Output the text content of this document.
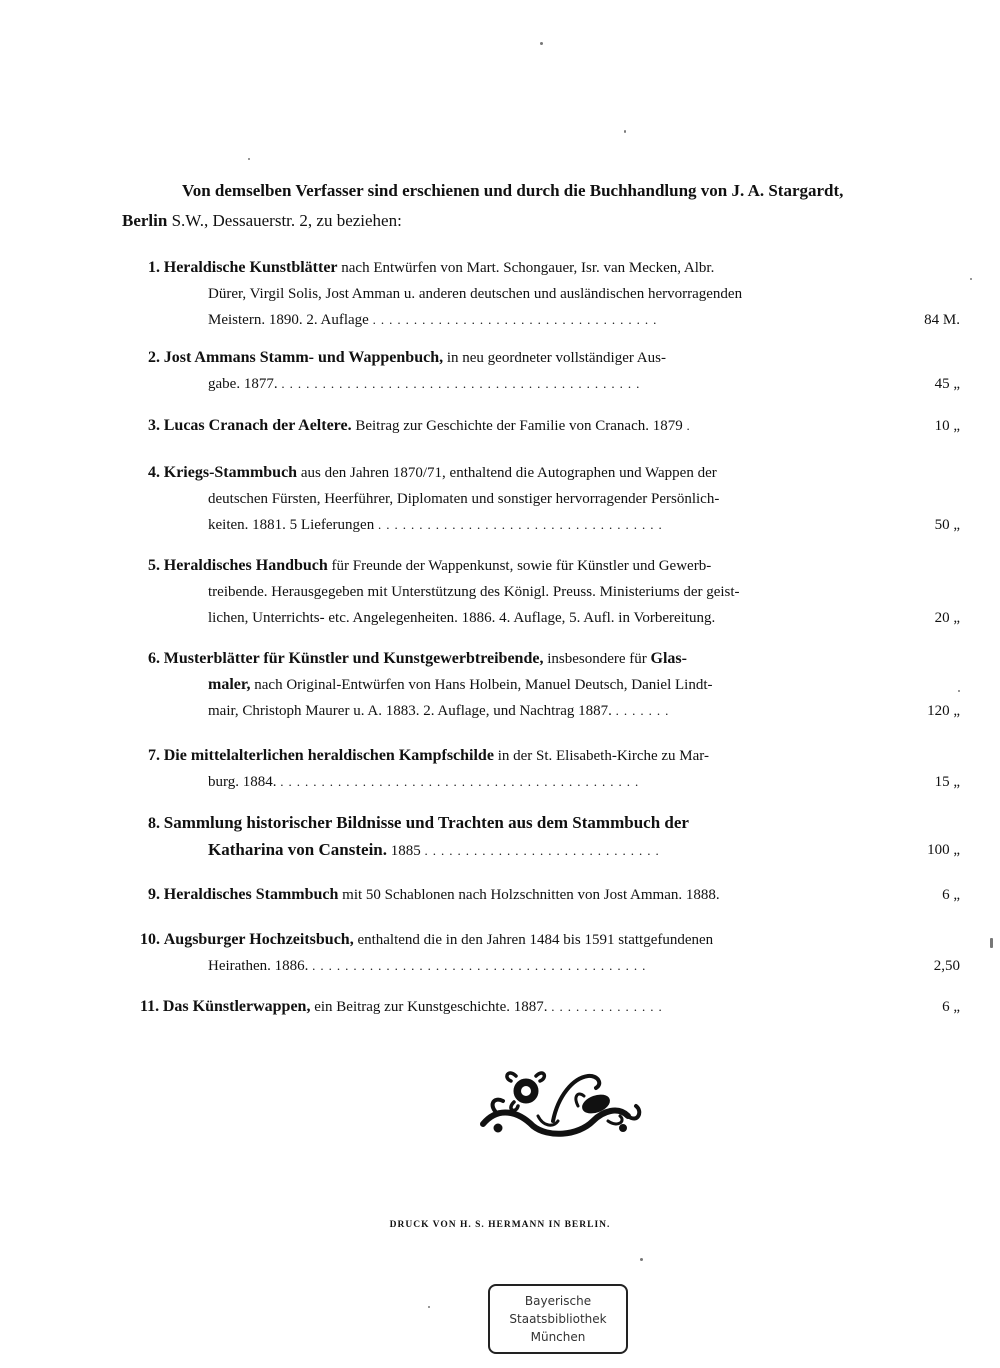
Von demselben Verfasser sind erschienen und durch die Buchhandlung von J. A. Stargardt,
Berlin S.W., Dessauerstr. 2, zu beziehen:
1. Heraldische Kunstblätter nach Entwürfen von Mart. Schongauer, Isr. van Mecken, Albr.
Dürer, Virgil Solis, Jost Amman u. anderen deutschen und ausländischen hervorragenden
Meistern. 1890. 2. Auflage ...................................	84 M.
2. Jost Ammans Stamm- und Wappenbuch, in neu geordneter vollständiger Aus-
gabe. 1877. ............................................	45 „
3. Lucas Cranach der Aeltere. Beitrag zur Geschichte der Familie von Cranach. 1879 .	10 „
4. Kriegs-Stammbuch aus den Jahren 1870/71, enthaltend die Autographen und Wappen der
deutschen Fürsten, Heerführer, Diplomaten und sonstiger hervorragender Persönlich-
keiten. 1881. 5 Lieferungen ...................................	50 „
5. Heraldisches Handbuch für Freunde der Wappenkunst, sowie für Künstler und Gewerb-
treibende. Herausgegeben mit Unterstützung des Königl. Preuss. Ministeriums der geist-
lichen, Unterrichts- etc. Angelegenheiten. 1886. 4. Auflage, 5. Aufl. in Vorbereitung.	20 „
6. Musterblätter für Künstler und Kunstgewerbtreibende, insbesondere für Glas-
maler, nach Original-Entwürfen von Hans Holbein, Manuel Deutsch, Daniel Lindt-
mair, Christoph Maurer u. A. 1883. 2. Auflage, und Nachtrag 1887. .......	120 „
7. Die mittelalterlichen heraldischen Kampfschilde in der St. Elisabeth-Kirche zu Mar-
burg. 1884. ............................................	15 „
8. Sammlung historischer Bildnisse und Trachten aus dem Stammbuch der
Katharina von Canstein. 1885 .............................	100 „
9. Heraldisches Stammbuch mit 50 Schablonen nach Holzschnitten von Jost Amman. 1888.	6 „
10. Augsburger Hochzeitsbuch, enthaltend die in den Jahren 1484 bis 1591 stattgefundenen
Heirathen. 1886. .........................................	2,50
11. Das Künstlerwappen, ein Beitrag zur Kunstgeschichte. 1887. ..............	6 „
DRUCK VON H. S. HERMANN IN BERLIN.
Bayerische
Staatsbibliothek
München
